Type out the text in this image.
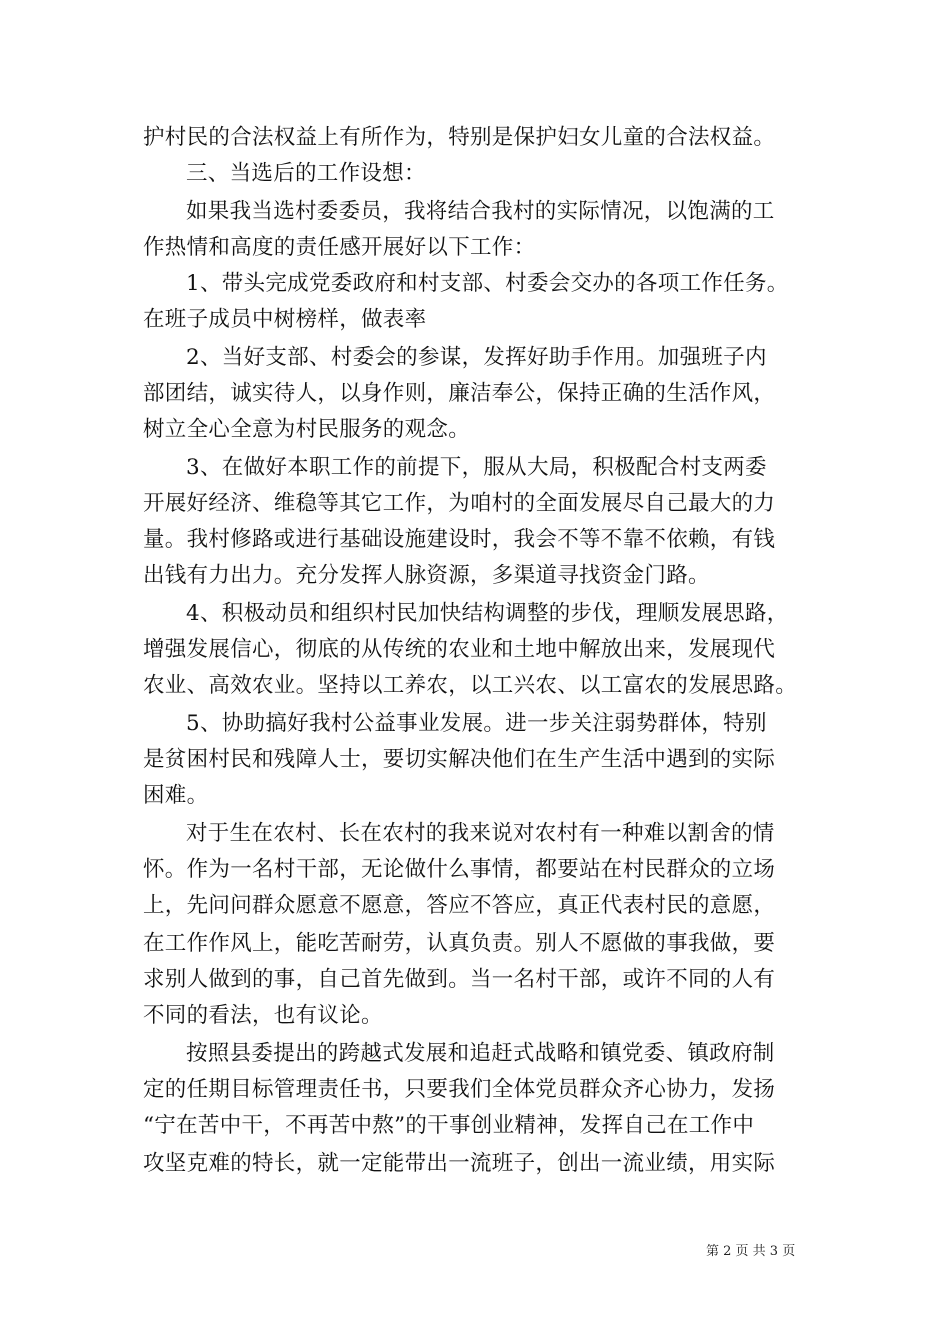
护村民的合法权益上有所作为，特别是保护妇女儿童的合法权益。
三、当选后的工作设想：
如果我当选村委委员，我将结合我村的实际情况，以饱满的工
作热情和高度的责任感开展好以下工作：
1、带头完成党委政府和村支部、村委会交办的各项工作任务。
在班子成员中树榜样，做表率
2、当好支部、村委会的参谋，发挥好助手作用。加强班子内
部团结，诚实待人，以身作则，廉洁奉公，保持正确的生活作风，
树立全心全意为村民服务的观念。
3、在做好本职工作的前提下，服从大局，积极配合村支两委
开展好经济、维稳等其它工作，为咱村的全面发展尽自己最大的力
量。我村修路或进行基础设施建设时，我会不等不靠不依赖，有钱
出钱有力出力。充分发挥人脉资源，多渠道寻找资金门路。
4、积极动员和组织村民加快结构调整的步伐，理顺发展思路，
增强发展信心，彻底的从传统的农业和土地中解放出来，发展现代
农业、高效农业。坚持以工养农，以工兴农、以工富农的发展思路。
5、协助搞好我村公益事业发展。进一步关注弱势群体，特别
是贫困村民和残障人士，要切实解决他们在生产生活中遇到的实际
困难。
对于生在农村、长在农村的我来说对农村有一种难以割舍的情
怀。作为一名村干部，无论做什么事情，都要站在村民群众的立场
上，先问问群众愿意不愿意，答应不答应，真正代表村民的意愿，
在工作作风上，能吃苦耐劳，认真负责。别人不愿做的事我做，要
求别人做到的事，自己首先做到。当一名村干部，或许不同的人有
不同的看法，也有议论。
按照县委提出的跨越式发展和追赶式战略和镇党委、镇政府制
定的任期目标管理责任书，只要我们全体党员群众齐心协力，发扬
“宁在苦中干，不再苦中熬”的干事创业精神，发挥自己在工作中
攻坚克难的特长，就一定能带出一流班子，创出一流业绩，用实际
第 2 页 共 3 页
